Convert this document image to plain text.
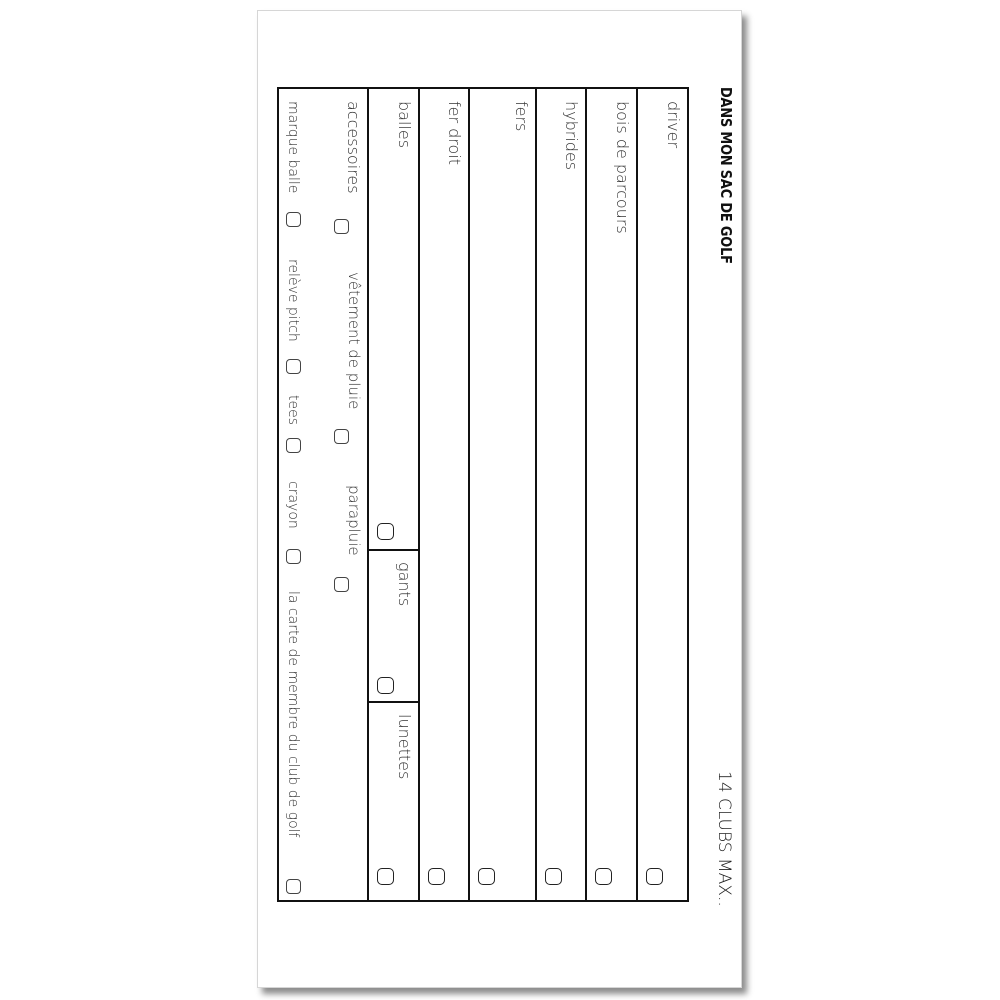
DANS MON SAC DE GOLF
14 CLUBS MAX..
driver
bois de parcours
hybrides
fers
fer droit
balles
gants
lunettes
accessoires
vêtement de pluie
parapluie
marque balle
relève pitch
tees
crayon
la carte de membre du club de golf
